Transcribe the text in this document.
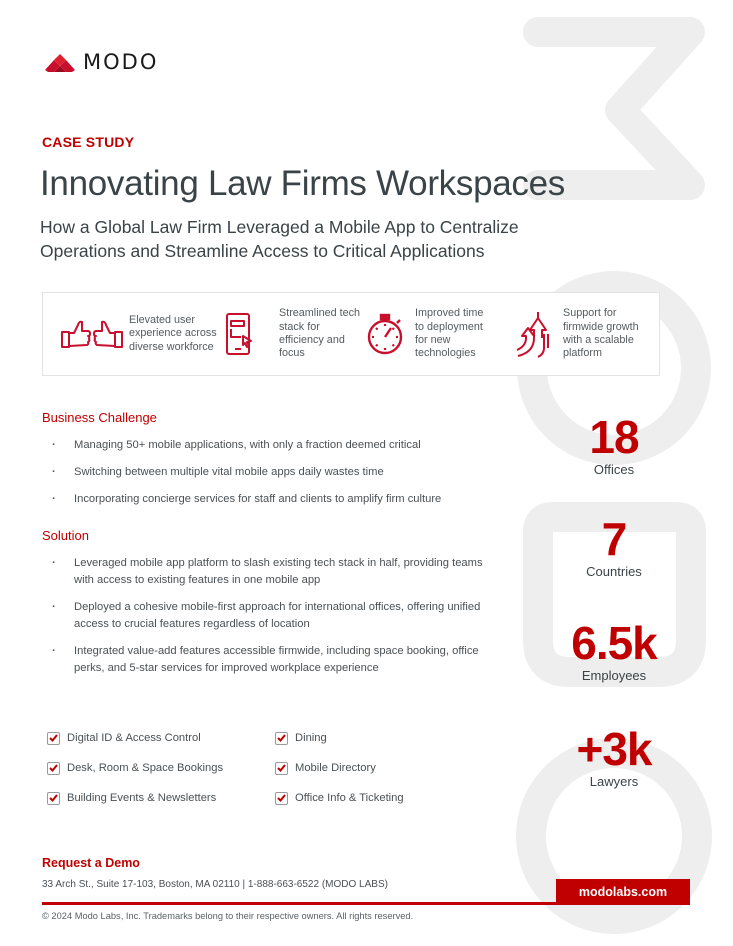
MODO
CASE STUDY
Innovating Law Firms Workspaces
How a Global Law Firm Leveraged a Mobile App to Centralize
Operations and Streamline Access to Critical Applications
Elevated user experience across diverse workforce
Streamlined tech stack for efficiency and focus
Improved time to deployment for new technologies
Support for firmwide growth with a scalable platform
Business Challenge
· Managing 50+ mobile applications, with only a fraction deemed critical
· Switching between multiple vital mobile apps daily wastes time
· Incorporating concierge services for staff and clients to amplify firm culture
Solution
· Leveraged mobile app platform to slash existing tech stack in half, providing teams with access to existing features in one mobile app
· Deployed a cohesive mobile-first approach for international offices, offering unified access to crucial features regardless of location
· Integrated value-add features accessible firmwide, including space booking, office perks, and 5-star services for improved workplace experience
Digital ID & Access Control	Dining
Desk, Room & Space Bookings	Mobile Directory
Building Events & Newsletters	Office Info & Ticketing
18
Offices
7
Countries
6.5k
Employees
+3k
Lawyers
Request a Demo
33 Arch St., Suite 17-103, Boston, MA 02110 | 1-888-663-6522 (MODO LABS)
modolabs.com
© 2024 Modo Labs, Inc. Trademarks belong to their respective owners. All rights reserved.
